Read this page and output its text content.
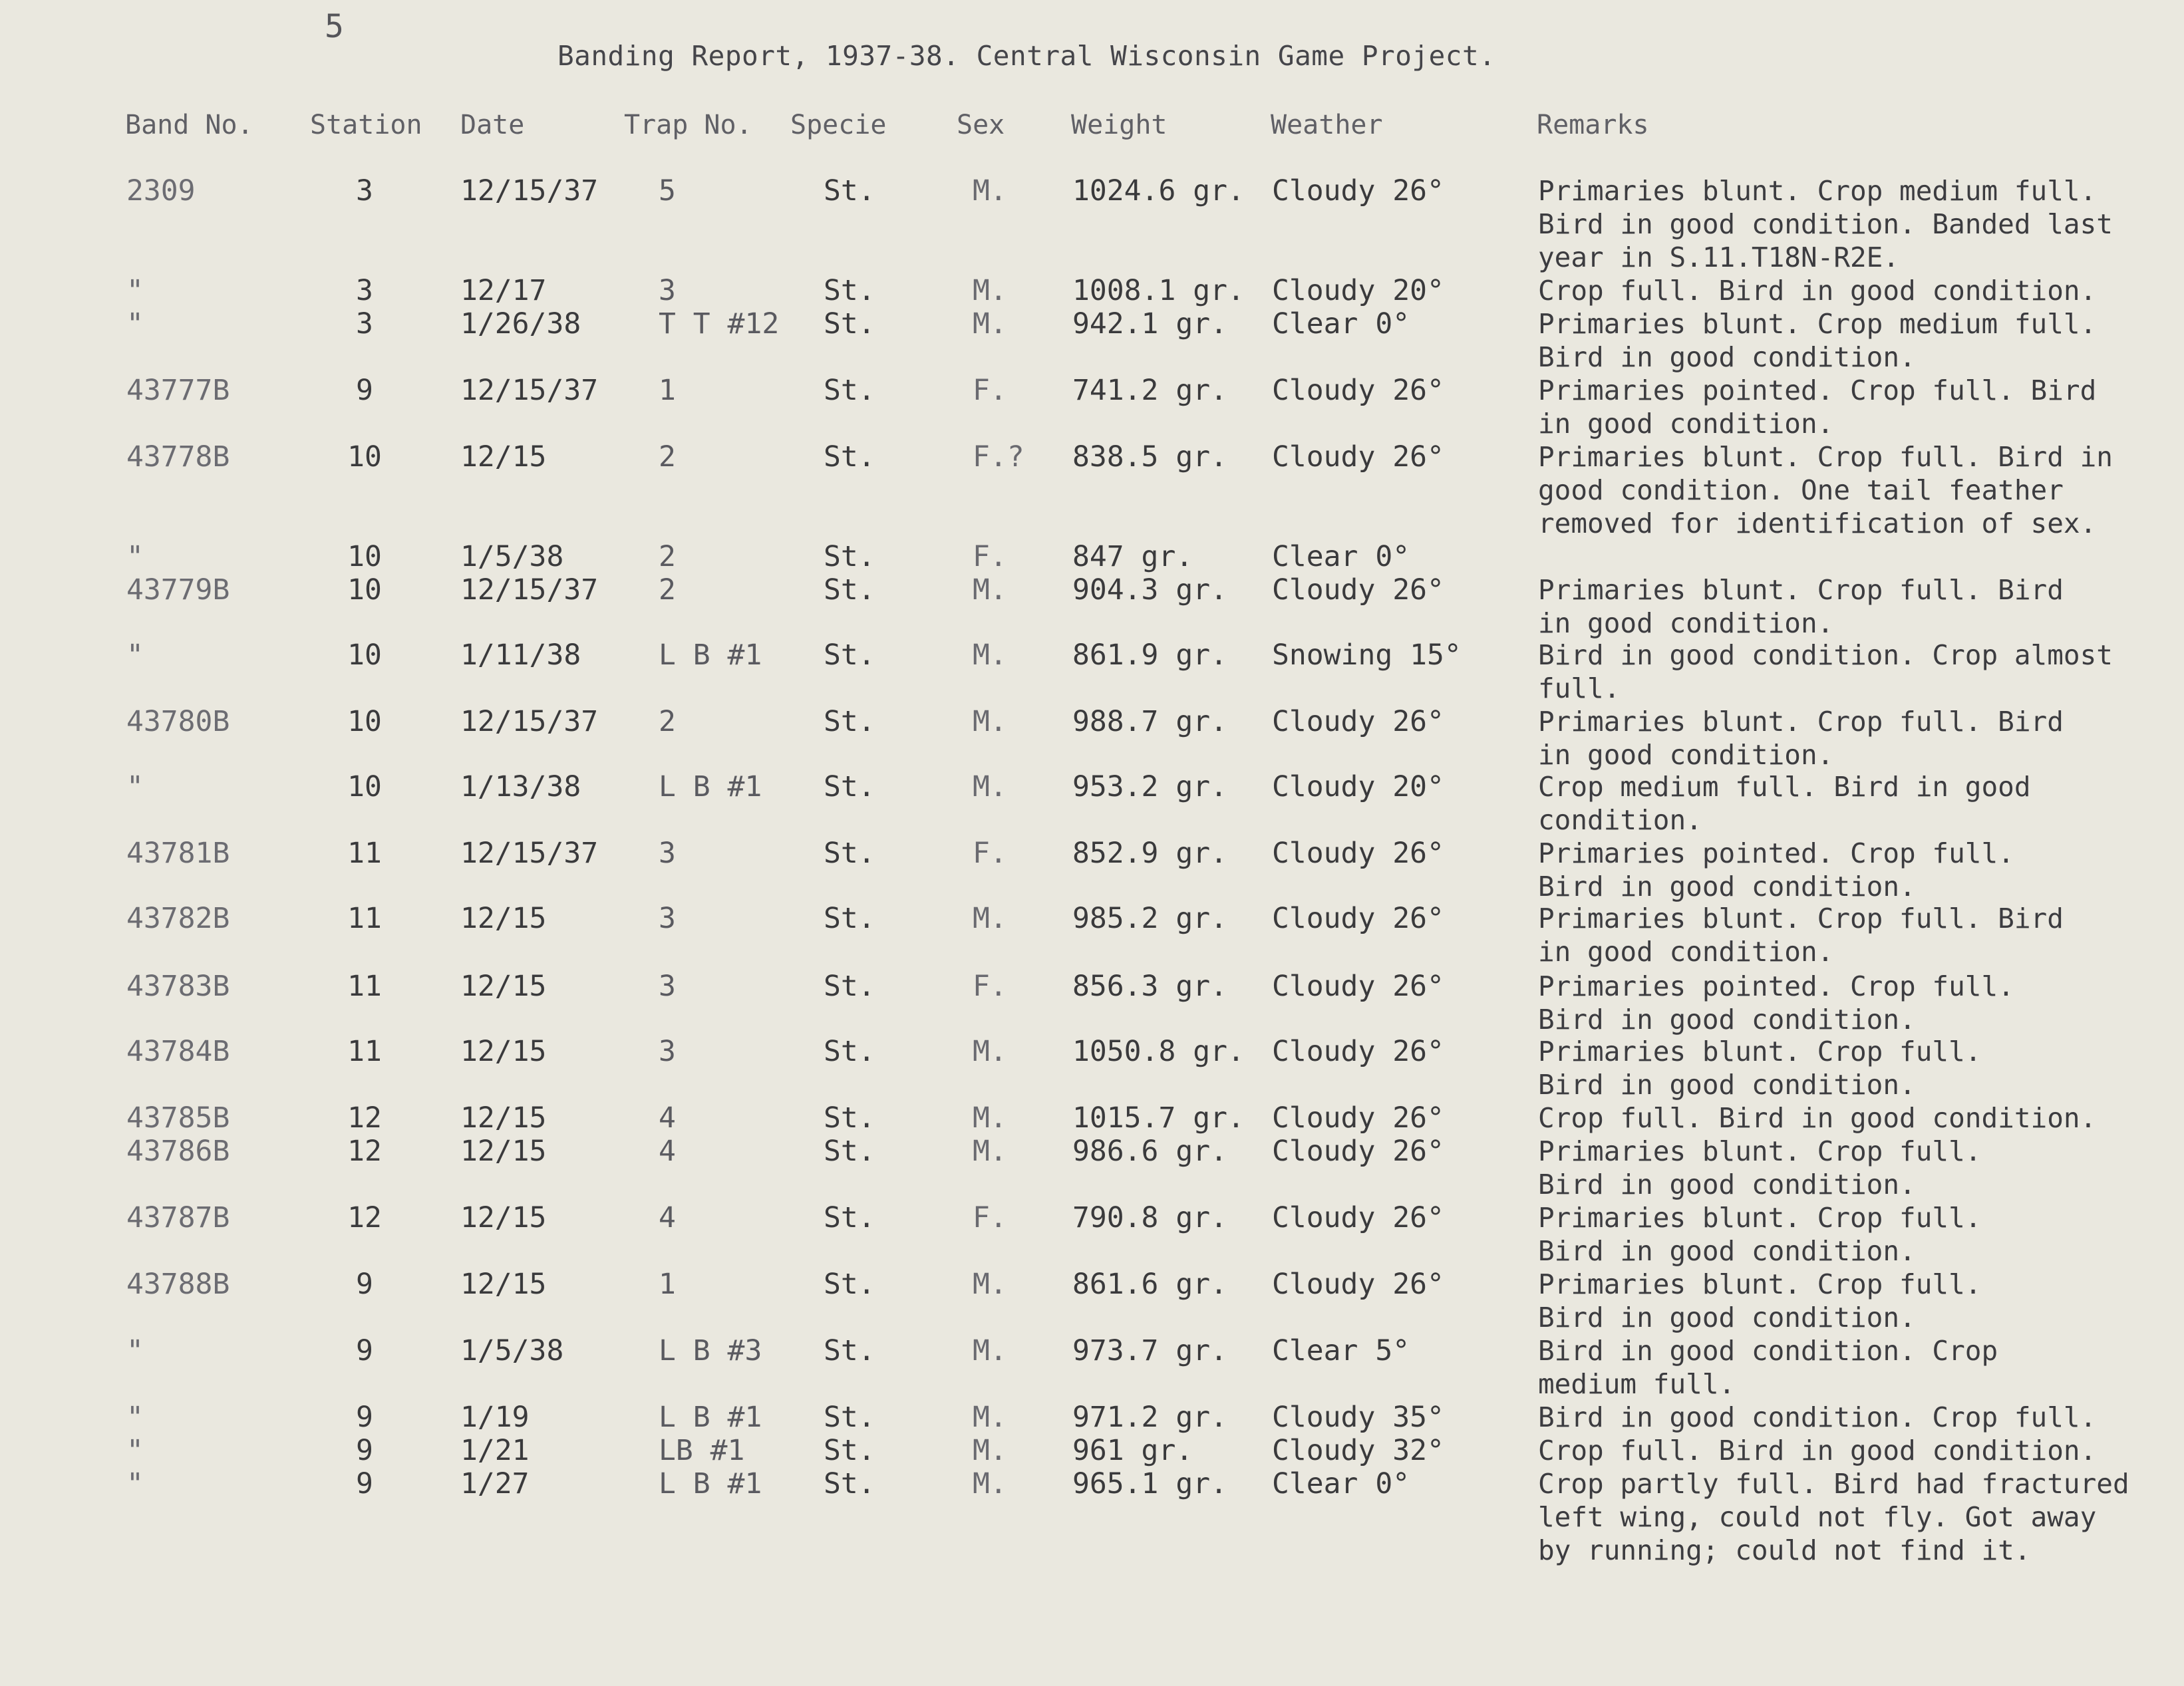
5
Banding Report, 1937-38. Central Wisconsin Game Project.
Band No. Station Date	Trap No. Specie	Sex Weight	Weather	Remarks
2309	3	12/15/37 5	St.	M. 1024.6 gr. Cloudy 26°	Primaries blunt. Crop medium full.
Bird in good condition. Banded last
year in S.11.T18N-R2E.
"	3	12/17	3	St.	M. 1008.1 gr. Cloudy 20°	Crop full. Bird in good condition.
"	3	1/26/38	T T #12 St.	M. 942.1 gr. Clear 0°	Primaries blunt. Crop medium full.
Bird in good condition.
43777B	9	12/15/37 1	St.	F. 741.2 gr. Cloudy 26°	Primaries pointed. Crop full. Bird
in good condition.
43778B	10	12/15	2	St.	F.? 838.5 gr. Cloudy 26°	Primaries blunt. Crop full. Bird in
good condition. One tail feather
removed for identification of sex.
"	10	1/5/38	2	St.	F. 847 gr.	Clear 0°
43779B	10	12/15/37 2	St.	M. 904.3 gr. Cloudy 26°	Primaries blunt. Crop full. Bird
in good condition.
"	10	1/11/38	L B #1 St.	M. 861.9 gr. Snowing 15°	Bird in good condition. Crop almost
full.
43780B	10	12/15/37 2	St.	M. 988.7 gr. Cloudy 26°	Primaries blunt. Crop full. Bird
in good condition.
"	10	1/13/38	L B #1 St.	M. 953.2 gr. Cloudy 20°	Crop medium full. Bird in good
condition.
43781B	11	12/15/37 3	St.	F. 852.9 gr. Cloudy 26°	Primaries pointed. Crop full.
Bird in good condition.
43782B	11	12/15	3	St.	M. 985.2 gr. Cloudy 26°	Primaries blunt. Crop full. Bird
in good condition.
43783B	11	12/15	3	St.	F. 856.3 gr. Cloudy 26°	Primaries pointed. Crop full.
Bird in good condition.
43784B	11	12/15	3	St.	M. 1050.8 gr. Cloudy 26°	Primaries blunt. Crop full.
Bird in good condition.
43785B	12	12/15	4	St.	M. 1015.7 gr. Cloudy 26°	Crop full. Bird in good condition.
43786B	12	12/15	4	St.	M. 986.6 gr. Cloudy 26°	Primaries blunt. Crop full.
Bird in good condition.
43787B	12	12/15	4	St.	F. 790.8 gr. Cloudy 26°	Primaries blunt. Crop full.
Bird in good condition.
43788B	9	12/15	1	St.	M. 861.6 gr. Cloudy 26°	Primaries blunt. Crop full.
Bird in good condition.
"	9	1/5/38	L B #3 St.	M. 973.7 gr. Clear 5°	Bird in good condition. Crop
medium full.
"	9	1/19	L B #1 St.	M. 971.2 gr. Cloudy 35°	Bird in good condition. Crop full.
"	9	1/21	LB #1	St.	M. 961 gr.	Cloudy 32°	Crop full. Bird in good condition.
"	9	1/27	L B #1 St.	M. 965.1 gr. Clear 0°	Crop partly full. Bird had fractured
left wing, could not fly. Got away
by running; could not find it.
